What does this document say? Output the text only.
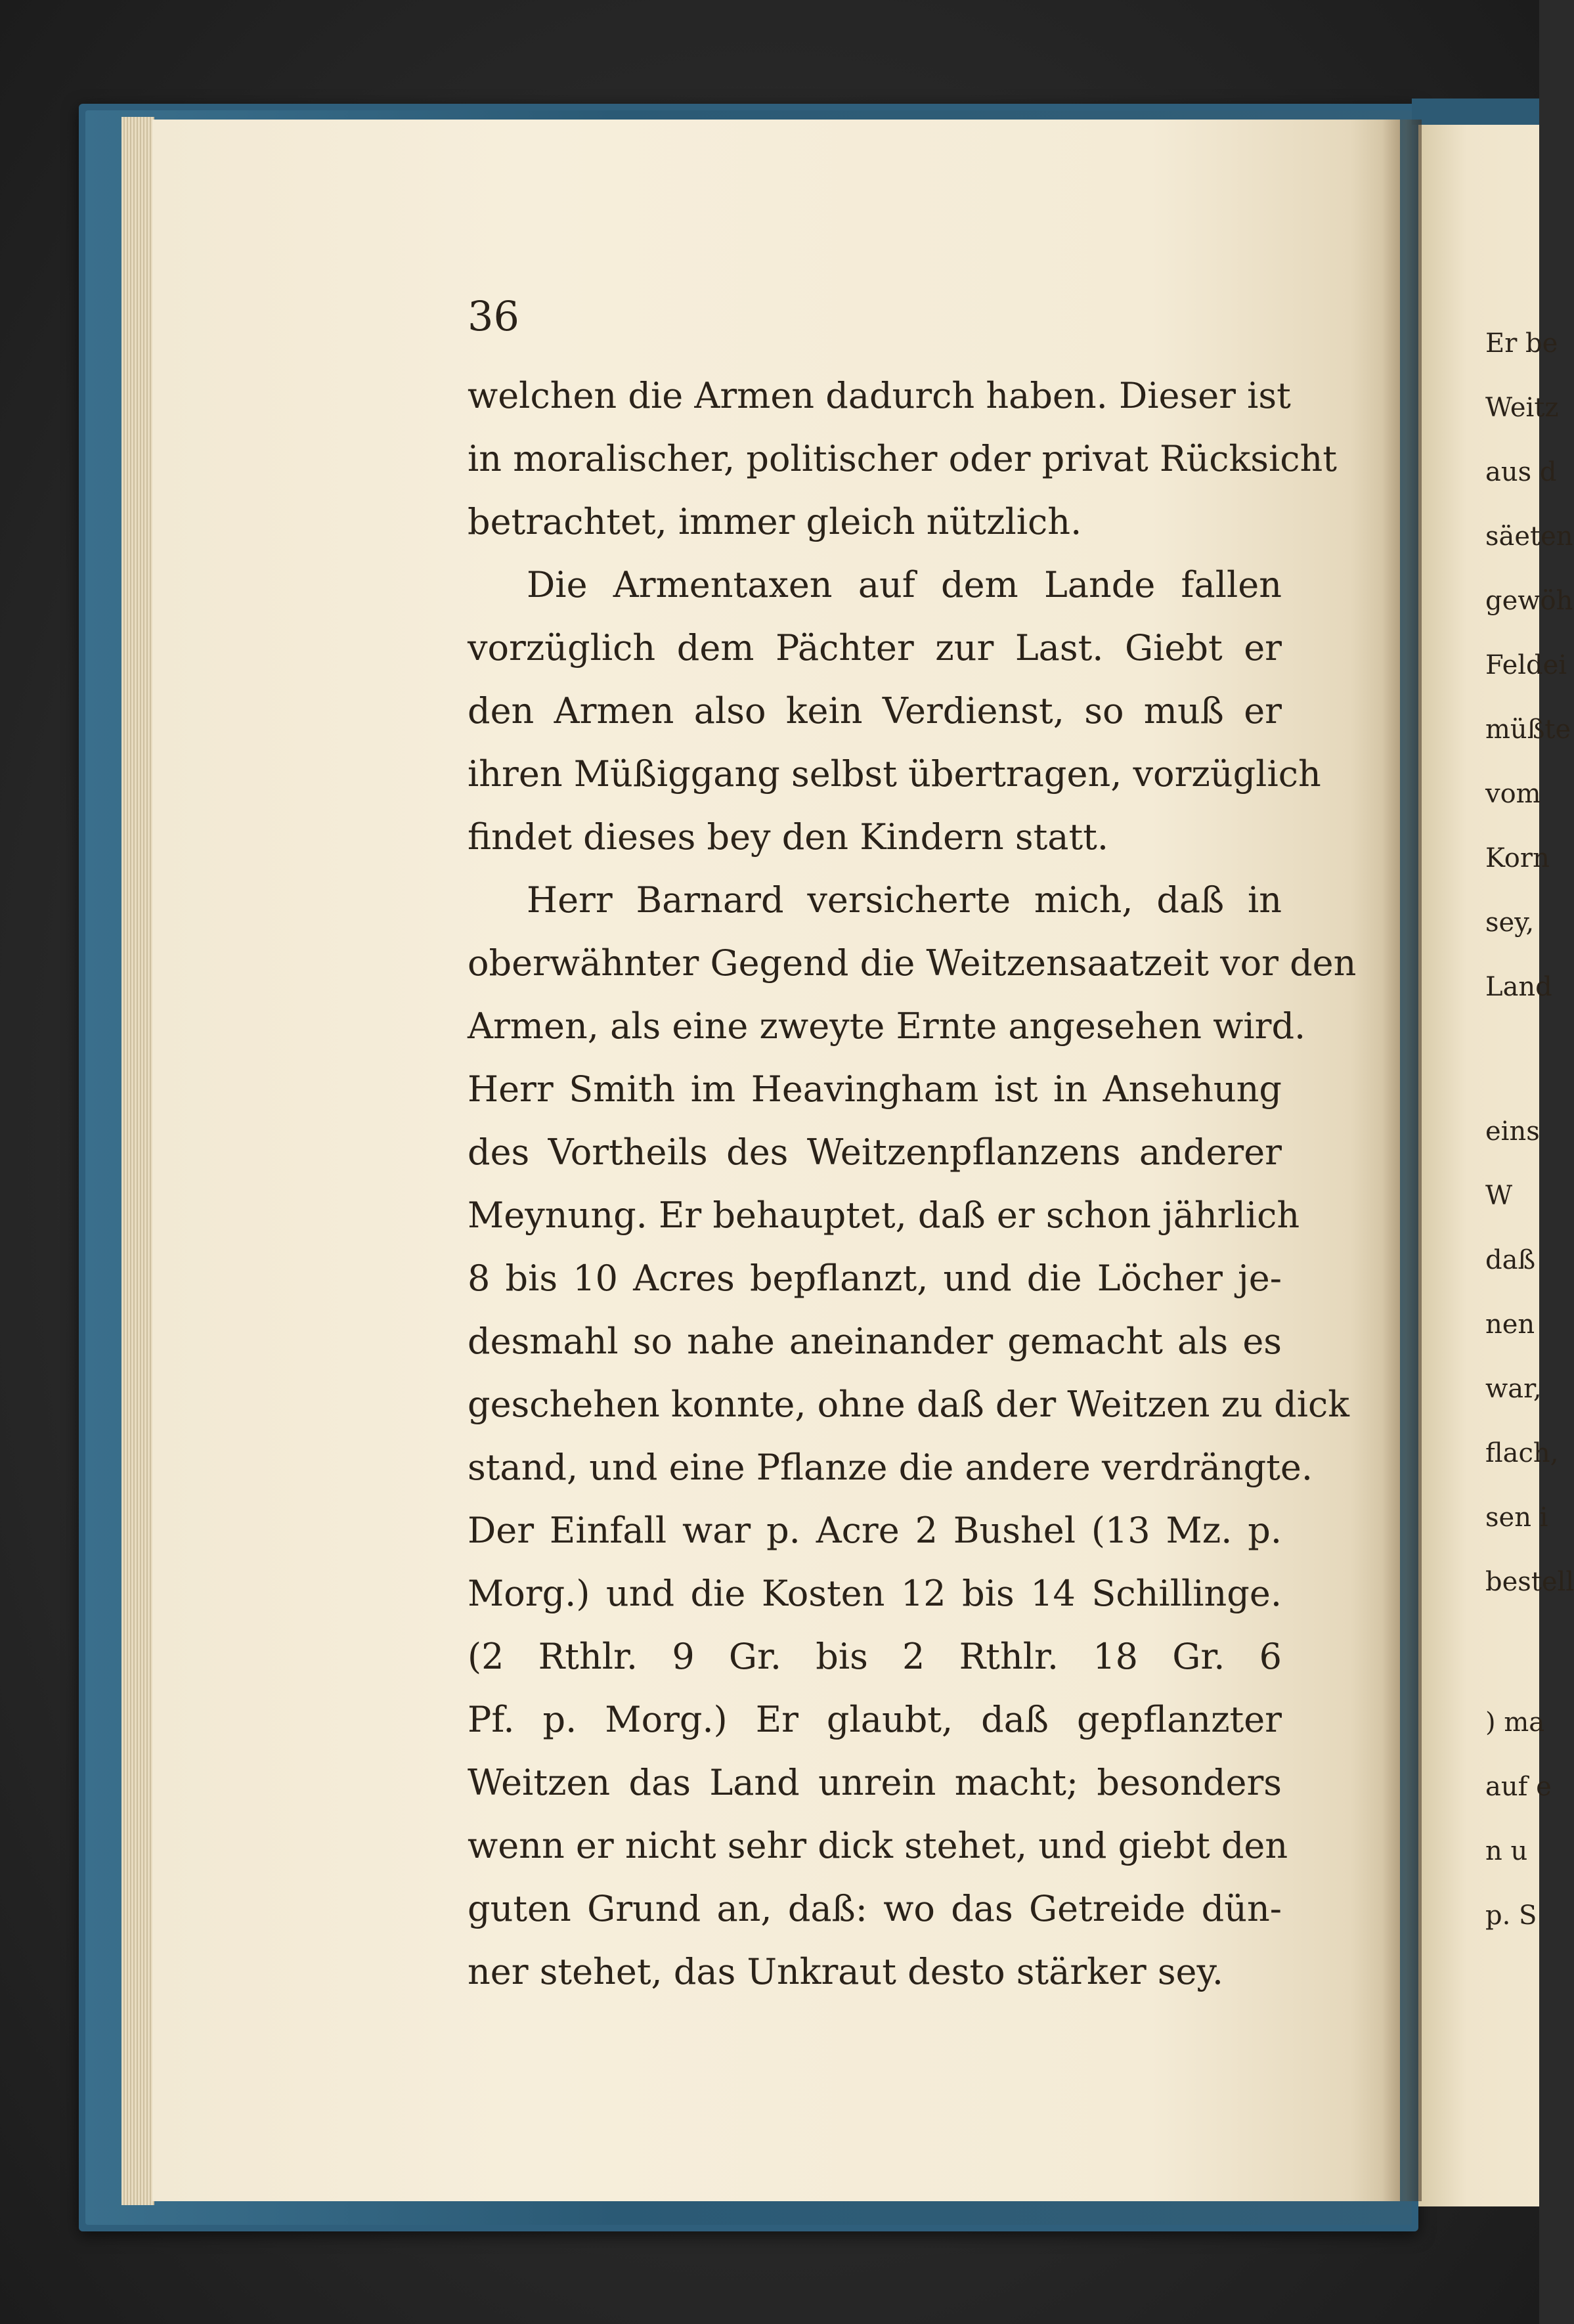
36
welchen die Armen dadurch haben. Dieser ist
in moralischer, politischer oder privat Rücksicht
betrachtet, immer gleich nützlich.
Die Armentaxen auf dem Lande fallen
vorzüglich dem Pächter zur Last. Giebt er
den Armen also kein Verdienst, so muß er
ihren Müßiggang selbst übertragen, vorzüglich
findet dieses bey den Kindern statt.
Herr Barnard versicherte mich, daß in
oberwähnter Gegend die Weitzensaatzeit vor den
Armen, als eine zweyte Ernte angesehen wird.
Herr Smith im Heavingham ist in Ansehung
des Vortheils des Weitzenpflanzens anderer
Meynung. Er behauptet, daß er schon jährlich
8 bis 10 Acres bepflanzt, und die Löcher je-
desmahl so nahe aneinander gemacht als es
geschehen konnte, ohne daß der Weitzen zu dick
stand, und eine Pflanze die andere verdrängte.
Der Einfall war p. Acre 2 Bushel (13 Mz. p.
Morg.) und die Kosten 12 bis 14 Schillinge.
(2 Rthlr. 9 Gr. bis 2 Rthlr. 18 Gr. 6
Pf. p. Morg.) Er glaubt, daß gepflanzter
Weitzen das Land unrein macht; besonders
wenn er nicht sehr dick stehet, und giebt den
guten Grund an, daß: wo das Getreide dün-
ner stehet, das Unkraut desto stärker sey.
Er be
Weitz
aus d
säeten
gewöh
Feldei
müßte
vom
Korn
sey,
Land
eins
W
daß
nen
war,
flach,
sen i
bestell
) ma
auf e
n u
p. S
